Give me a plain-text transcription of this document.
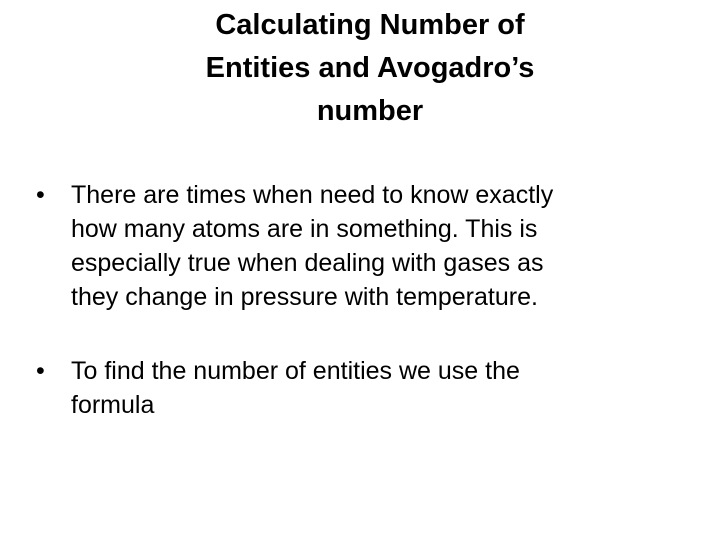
Calculating Number of
Entities and Avogadro’s
number
• There are times when need to know exactly
how many atoms are in something. This is
especially true when dealing with gases as
they change in pressure with temperature.
• To find the number of entities we use the
formula
